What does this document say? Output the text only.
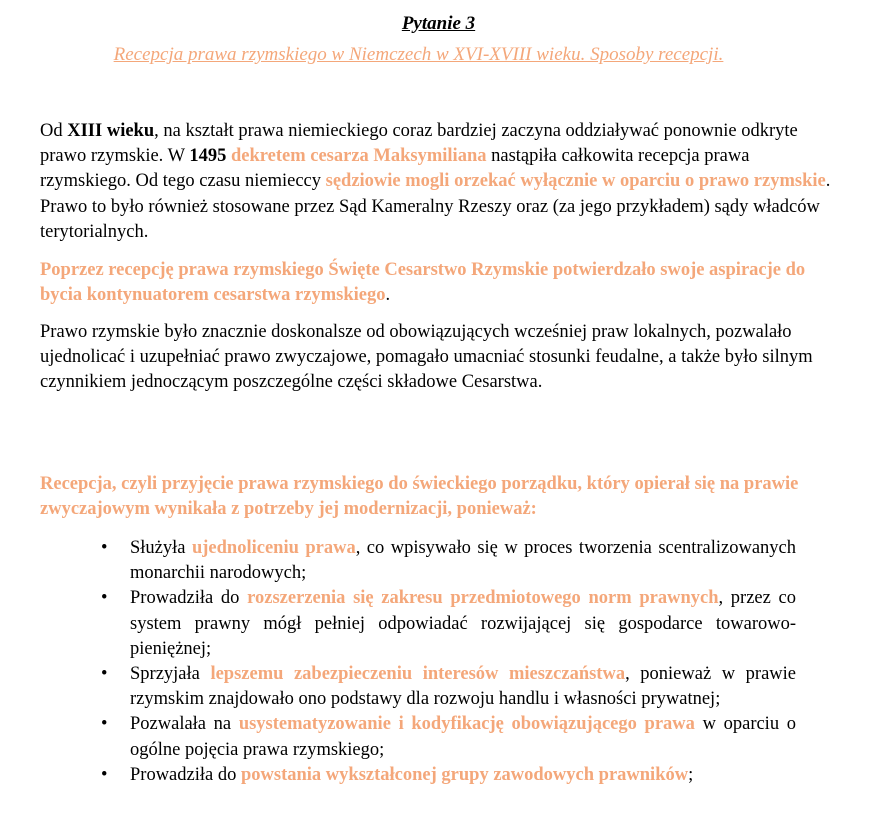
Pytanie 3
Recepcja prawa rzymskiego w Niemczech w XVI-XVIII wieku. Sposoby recepcji.

Od XIII wieku, na kształt prawa niemieckiego coraz bardziej zaczyna oddziaływać ponownie odkryte prawo rzymskie. W 1495 dekretem cesarza Maksymiliana nastąpiła całkowita recepcja prawa rzymskiego. Od tego czasu niemieccy sędziowie mogli orzekać wyłącznie w oparciu o prawo rzymskie. Prawo to było również stosowane przez Sąd Kameralny Rzeszy oraz (za jego przykładem) sądy władców terytorialnych.

Poprzez recepcję prawa rzymskiego Święte Cesarstwo Rzymskie potwierdzało swoje aspiracje do bycia kontynuatorem cesarstwa rzymskiego.

Prawo rzymskie było znacznie doskonalsze od obowiązujących wcześniej praw lokalnych, pozwalało ujednolicać i uzupełniać prawo zwyczajowe, pomagało umacniać stosunki feudalne, a także było silnym czynnikiem jednoczącym poszczególne części składowe Cesarstwa.

Recepcja, czyli przyjęcie prawa rzymskiego do świeckiego porządku, który opierał się na prawie zwyczajowym wynikała z potrzeby jej modernizacji, ponieważ:

• Służyła ujednoliceniu prawa, co wpisywało się w proces tworzenia scentralizowanych monarchii narodowych;
• Prowadziła do rozszerzenia się zakresu przedmiotowego norm prawnych, przez co system prawny mógł pełniej odpowiadać rozwijającej się gospodarce towarowo-pieniężnej;
• Sprzyjała lepszemu zabezpieczeniu interesów mieszczaństwa, ponieważ w prawie rzymskim znajdowało ono podstawy dla rozwoju handlu i własności prywatnej;
• Pozwalała na usystematyzowanie i kodyfikację obowiązującego prawa w oparciu o ogólne pojęcia prawa rzymskiego;
• Prowadziła do powstania wykształconej grupy zawodowych prawników;
